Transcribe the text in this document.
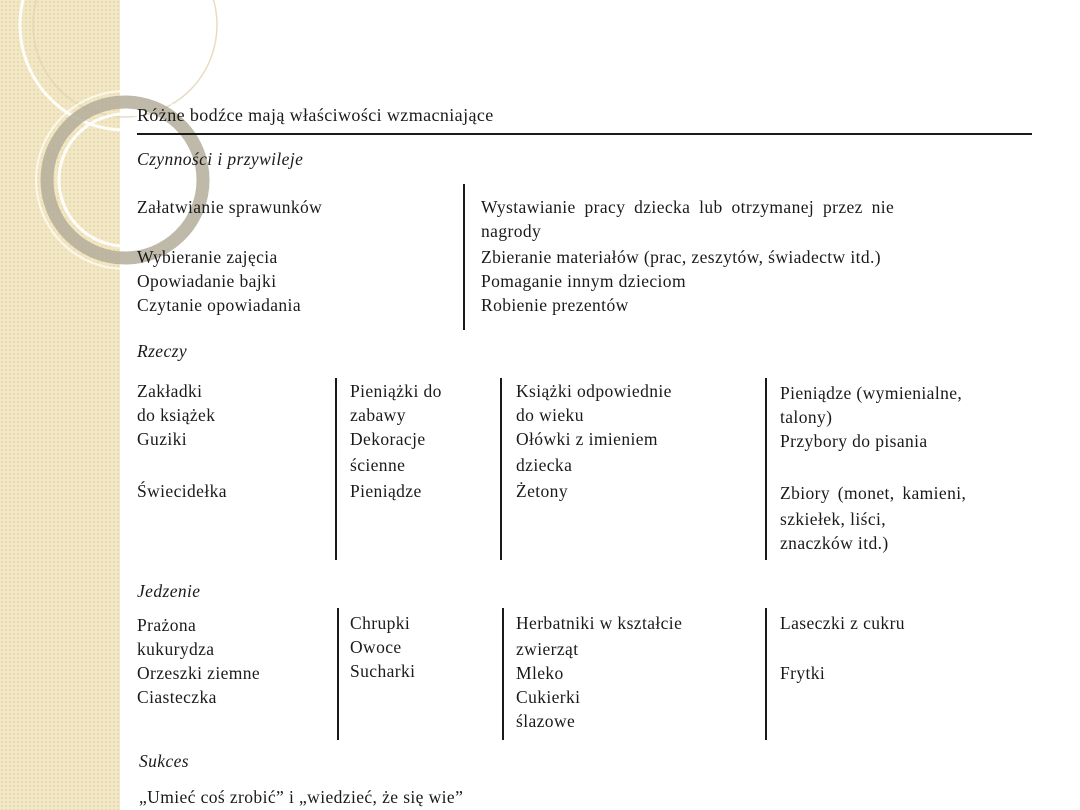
Różne bodźce mają właściwości wzmacniające
Czynności i przywileje
Załatwianie sprawunków
Wybieranie zajęcia
Opowiadanie bajki
Czytanie opowiadania
Wystawianie pracy dziecka lub otrzymanej przez nie
nagrody
Zbieranie materiałów (prac, zeszytów, świadectw itd.)
Pomaganie innym dzieciom
Robienie prezentów
Rzeczy
Zakładki
do książek
Guziki
Świecidełka
Pieniążki do
zabawy
Dekoracje
ścienne
Pieniądze
Książki odpowiednie
do wieku
Ołówki z imieniem
dziecka
Żetony
Pieniądze (wymienialne,
talony)
Przybory do pisania
Zbiory (monet, kamieni,
szkiełek, liści,
znaczków itd.)
Jedzenie
Prażona
kukurydza
Orzeszki ziemne
Ciasteczka
Chrupki
Owoce
Sucharki
Herbatniki w kształcie
zwierząt
Mleko
Cukierki
ślazowe
Laseczki z cukru
Frytki
Sukces
„Umieć coś zrobić” i „wiedzieć, że się wie”
